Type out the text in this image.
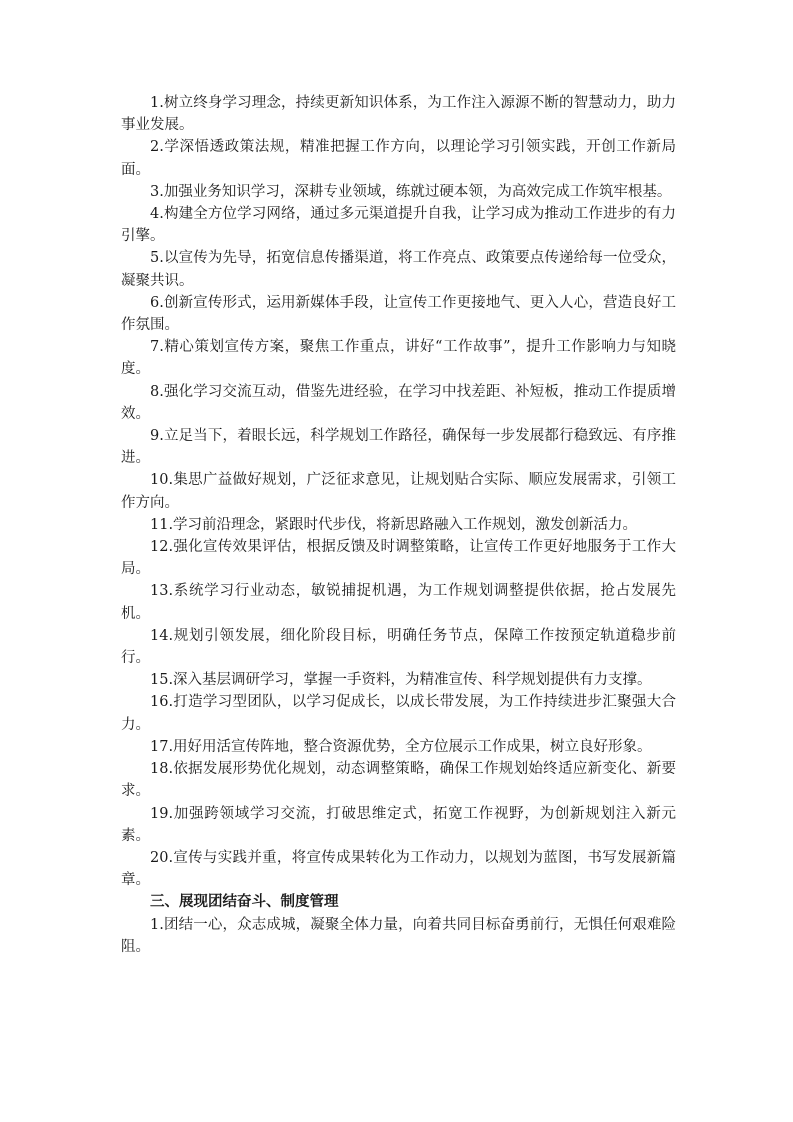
1.树立终身学习理念，持续更新知识体系，为工作注入源源不断的智慧动力，助力事业发展。

2.学深悟透政策法规，精准把握工作方向，以理论学习引领实践，开创工作新局面。

3.加强业务知识学习，深耕专业领域，练就过硬本领，为高效完成工作筑牢根基。

4.构建全方位学习网络，通过多元渠道提升自我，让学习成为推动工作进步的有力引擎。

5.以宣传为先导，拓宽信息传播渠道，将工作亮点、政策要点传递给每一位受众，凝聚共识。

6.创新宣传形式，运用新媒体手段，让宣传工作更接地气、更入人心，营造良好工作氛围。

7.精心策划宣传方案，聚焦工作重点，讲好“工作故事”，提升工作影响力与知晓度。

8.强化学习交流互动，借鉴先进经验，在学习中找差距、补短板，推动工作提质增效。

9.立足当下，着眼长远，科学规划工作路径，确保每一步发展都行稳致远、有序推进。

10.集思广益做好规划，广泛征求意见，让规划贴合实际、顺应发展需求，引领工作方向。

11.学习前沿理念，紧跟时代步伐，将新思路融入工作规划，激发创新活力。

12.强化宣传效果评估，根据反馈及时调整策略，让宣传工作更好地服务于工作大局。

13.系统学习行业动态，敏锐捕捉机遇，为工作规划调整提供依据，抢占发展先机。

14.规划引领发展，细化阶段目标，明确任务节点，保障工作按预定轨道稳步前行。

15.深入基层调研学习，掌握一手资料，为精准宣传、科学规划提供有力支撑。

16.打造学习型团队，以学习促成长，以成长带发展，为工作持续进步汇聚强大合力。

17.用好用活宣传阵地，整合资源优势，全方位展示工作成果，树立良好形象。

18.依据发展形势优化规划，动态调整策略，确保工作规划始终适应新变化、新要求。

19.加强跨领域学习交流，打破思维定式，拓宽工作视野，为创新规划注入新元素。

20.宣传与实践并重，将宣传成果转化为工作动力，以规划为蓝图，书写发展新篇章。

三、展现团结奋斗、制度管理

1.团结一心，众志成城，凝聚全体力量，向着共同目标奋勇前行，无惧任何艰难险阻。
